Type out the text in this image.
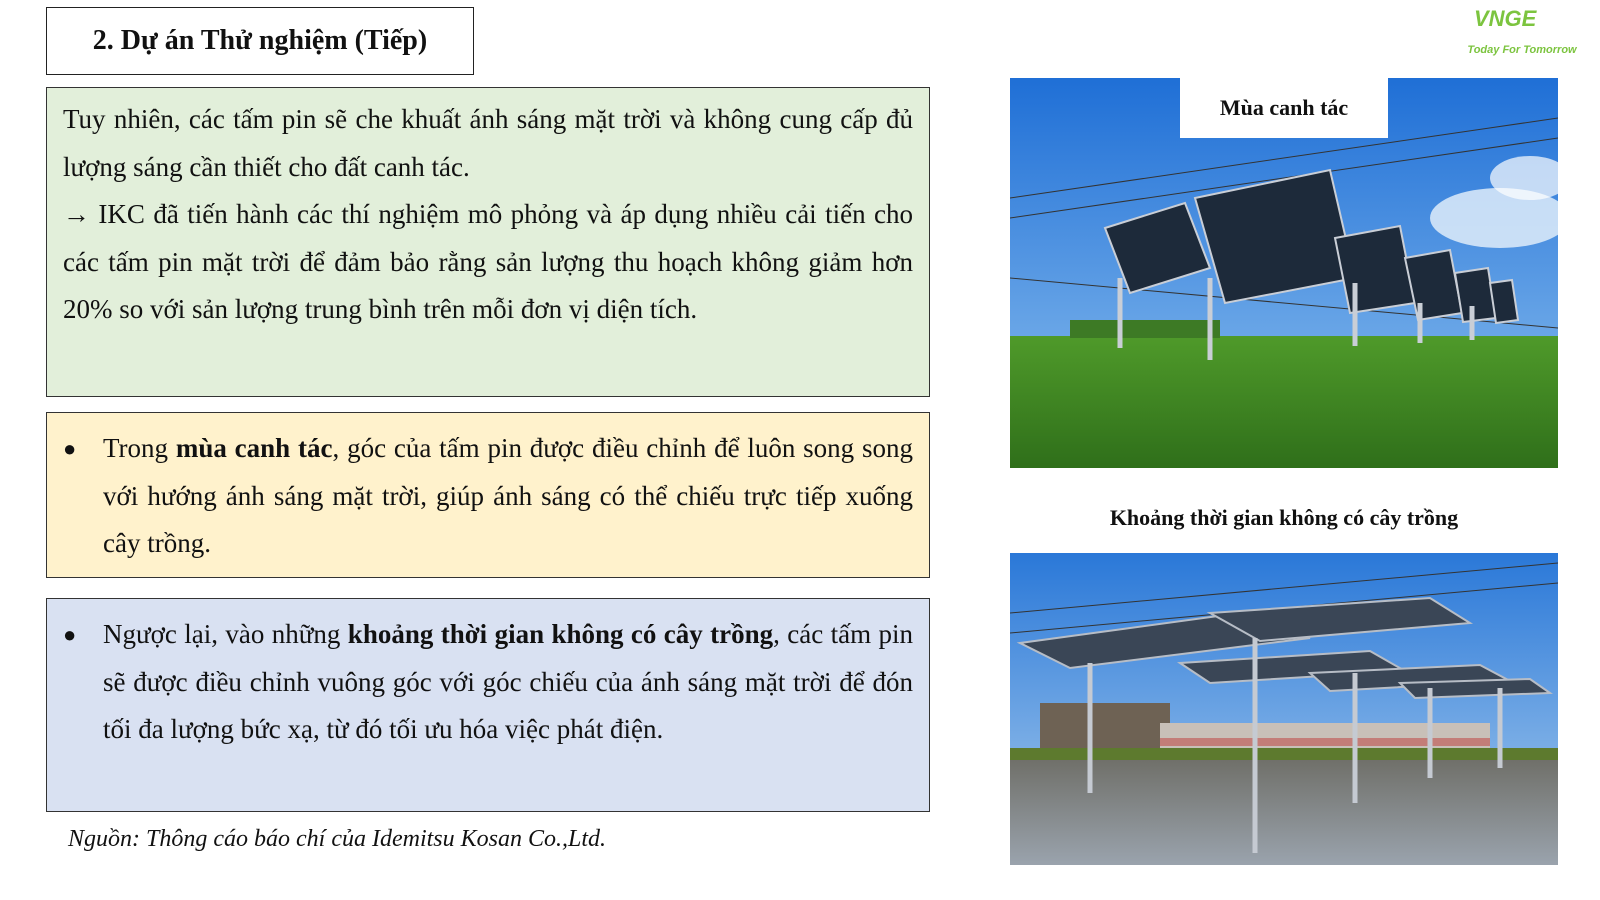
2. Dự án Thử nghiệm (Tiếp)
VNGE
Today For Tomorrow
Tuy nhiên, các tấm pin sẽ che khuất ánh sáng mặt trời và không cung cấp đủ lượng sáng cần thiết cho đất canh tác.
→ IKC đã tiến hành các thí nghiệm mô phỏng và áp dụng nhiều cải tiến cho các tấm pin mặt trời để đảm bảo rằng sản lượng thu hoạch không giảm hơn 20% so với sản lượng trung bình trên mỗi đơn vị diện tích.
● Trong mùa canh tác, góc của tấm pin được điều chỉnh để luôn song song với hướng ánh sáng mặt trời, giúp ánh sáng có thể chiếu trực tiếp xuống cây trồng.
● Ngược lại, vào những khoảng thời gian không có cây trồng, các tấm pin sẽ được điều chỉnh vuông góc với góc chiếu của ánh sáng mặt trời để đón tối đa lượng bức xạ, từ đó tối ưu hóa việc phát điện.
Nguồn: Thông cáo báo chí của Idemitsu Kosan Co.,Ltd.
Mùa canh tác
Khoảng thời gian không có cây trồng
